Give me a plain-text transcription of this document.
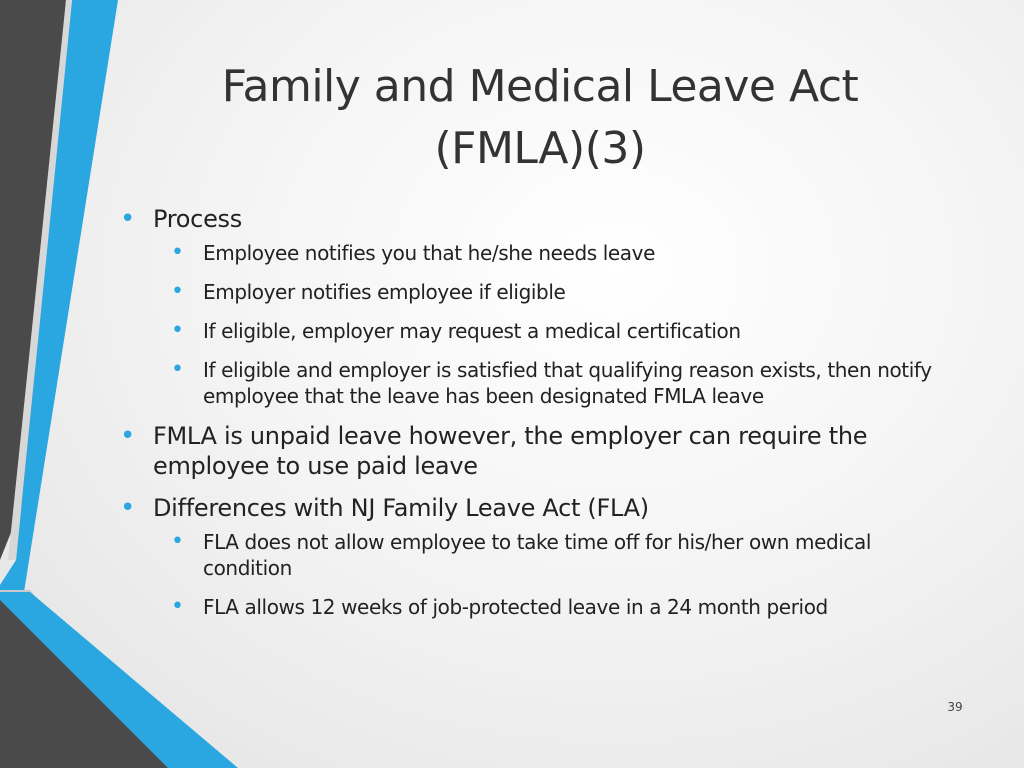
Family and Medical Leave Act
(FMLA)(3)
• Process
• Employee notifies you that he/she needs leave
• Employer notifies employee if eligible
• If eligible, employer may request a medical certification
• If eligible and employer is satisfied that qualifying reason exists, then notify employee that the leave has been designated FMLA leave
• FMLA is unpaid leave however, the employer can require the employee to use paid leave
• Differences with NJ Family Leave Act (FLA)
• FLA does not allow employee to take time off for his/her own medical condition
• FLA allows 12 weeks of job-protected leave in a 24 month period
39
